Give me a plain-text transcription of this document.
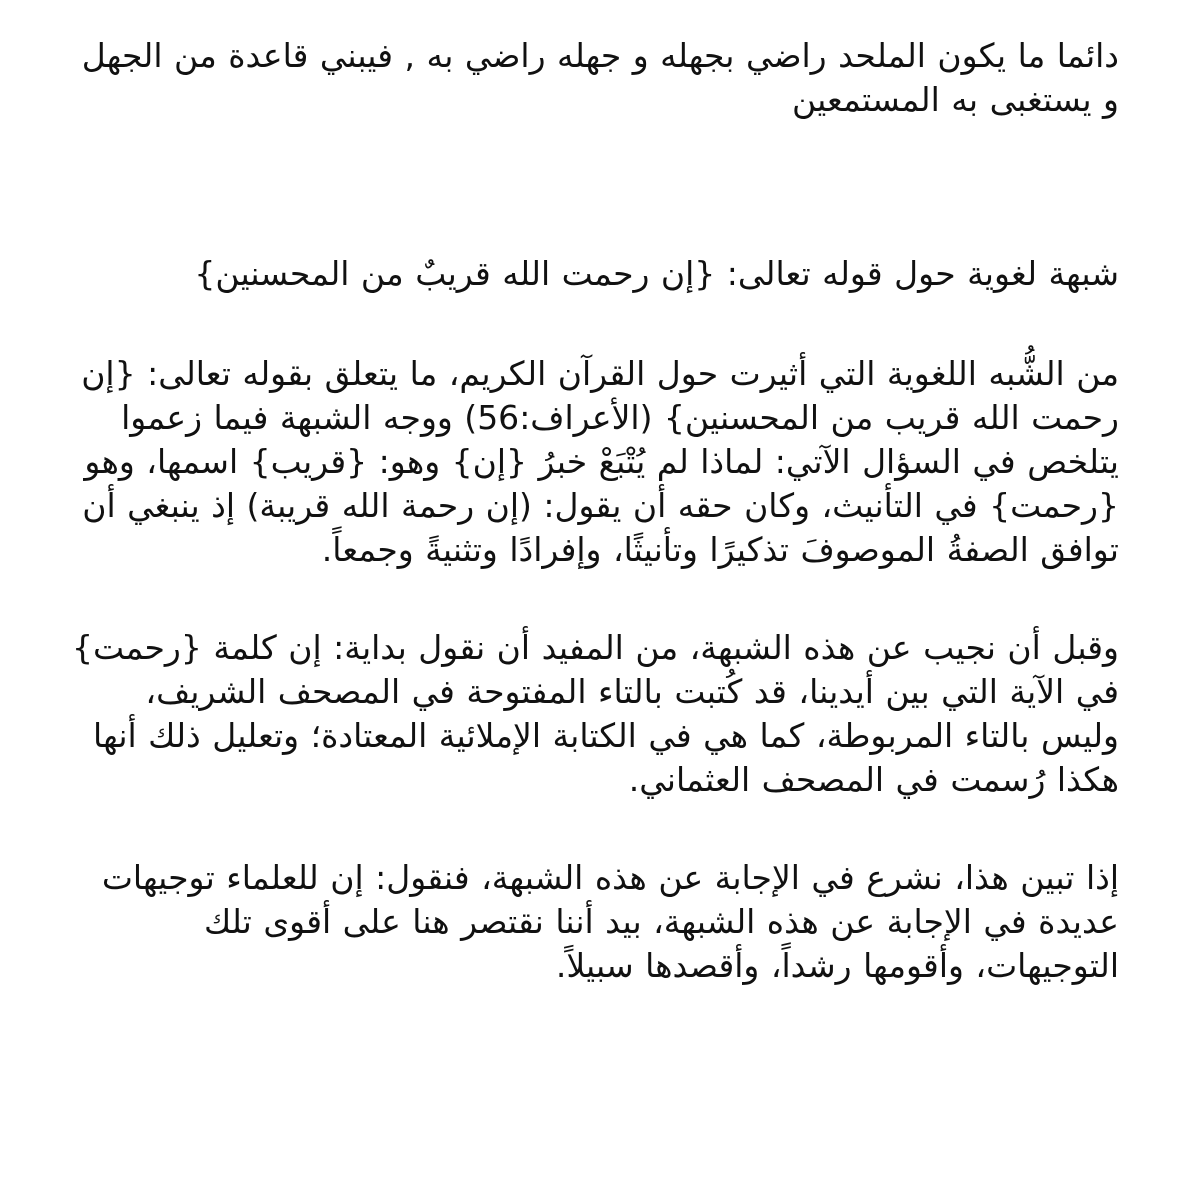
دائما ما يكون الملحد راضي بجهله و جهله راضي به , فيبني قاعدة من الجهل و يستغبى به المستمعين

شبهة لغوية حول قوله تعالى: {إن رحمت الله قريبٌ من المحسنين}

من الشُّبه اللغوية التي أثيرت حول القرآن الكريم، ما يتعلق بقوله تعالى: {إن رحمت الله قريب من المحسنين} (الأعراف:56) ووجه الشبهة فيما زعموا يتلخص في السؤال الآتي: لماذا لم يُتْبَعْ خبرُ {إن} وهو: {قريب} اسمها، وهو {رحمت} في التأنيث، وكان حقه أن يقول: (إن رحمة الله قريبة) إذ ينبغي أن توافق الصفةُ الموصوفَ تذكيرًا وتأنيثًا، وإفرادًا وتثنيةً وجمعاً.

وقبل أن نجيب عن هذه الشبهة، من المفيد أن نقول بداية: إن كلمة {رحمت} في الآية التي بين أيدينا، قد كُتبت بالتاء المفتوحة في المصحف الشريف، وليس بالتاء المربوطة، كما هي في الكتابة الإملائية المعتادة؛ وتعليل ذلك أنها هكذا رُسمت في المصحف العثماني.

إذا تبين هذا، نشرع في الإجابة عن هذه الشبهة، فنقول: إن للعلماء توجيهات عديدة في الإجابة عن هذه الشبهة، بيد أننا نقتصر هنا على أقوى تلك التوجيهات، وأقومها رشداً، وأقصدها سبيلاً.
